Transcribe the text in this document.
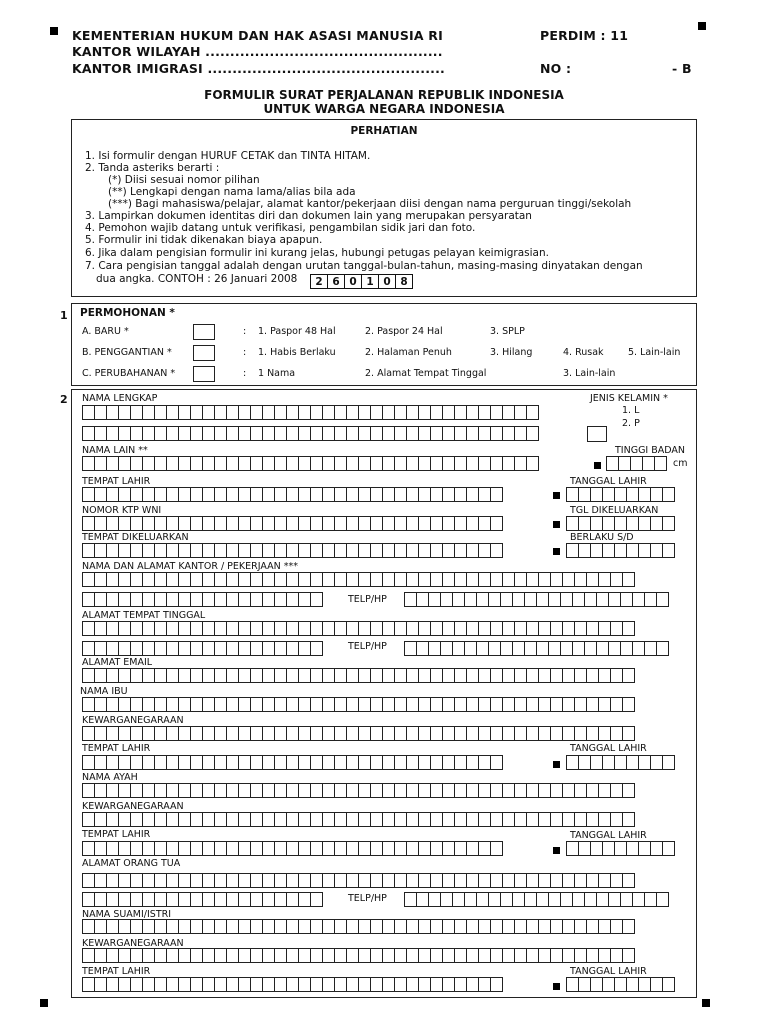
KEMENTERIAN HUKUM DAN HAK ASASI MANUSIA RI
KANTOR WILAYAH ................................................
KANTOR IMIGRASI ................................................
PERDIM : 11
NO :	- B
FORMULIR SURAT PERJALANAN REPUBLIK INDONESIA
UNTUK WARGA NEGARA INDONESIA
PERHATIAN
1. Isi formulir dengan HURUF CETAK dan TINTA HITAM.
2. Tanda asteriks berarti :
(*) Diisi sesuai nomor pilihan
(**) Lengkapi dengan nama lama/alias bila ada
(***) Bagi mahasiswa/pelajar, alamat kantor/pekerjaan diisi dengan nama perguruan tinggi/sekolah
3. Lampirkan dokumen identitas diri dan dokumen lain yang merupakan persyaratan
4. Pemohon wajib datang untuk verifikasi, pengambilan sidik jari dan foto.
5. Formulir ini tidak dikenakan biaya apapun.
6. Jika dalam pengisian formulir ini kurang jelas, hubungi petugas pelayan keimigrasian.
7. Cara pengisian tanggal adalah dengan urutan tanggal-bulan-tahun, masing-masing dinyatakan dengan
dua angka. CONTOH : 26 Januari 2008	2 6 0 1 0 8
1 PERMOHONAN *
A. BARU *	: 1. Paspor 48 Hal	2. Paspor 24 Hal	3. SPLP
B. PENGGANTIAN *	: 1. Habis Berlaku	2. Halaman Penuh	3. Hilang	4. Rusak	5. Lain-lain
C. PERUBAHANAN *	: 1 Nama	2. Alamat Tempat Tinggal	3. Lain-lain
2 NAMA LENGKAP	JENIS KELAMIN *
1. L
2. P
NAMA LAIN **	TINGGI BADAN
cm
TEMPAT LAHIR	TANGGAL LAHIR
NOMOR KTP WNI	TGL DIKELUARKAN
TEMPAT DIKELUARKAN	BERLAKU S/D
NAMA DAN ALAMAT KANTOR / PEKERJAAN ***
TELP/HP
ALAMAT TEMPAT TINGGAL
TELP/HP
ALAMAT EMAIL
NAMA IBU
KEWARGANEGARAAN
TEMPAT LAHIR	TANGGAL LAHIR
NAMA AYAH
KEWARGANEGARAAN
TEMPAT LAHIR	TANGGAL LAHIR
ALAMAT ORANG TUA
TELP/HP
NAMA SUAMI/ISTRI
KEWARGANEGARAAN
TEMPAT LAHIR	TANGGAL LAHIR
